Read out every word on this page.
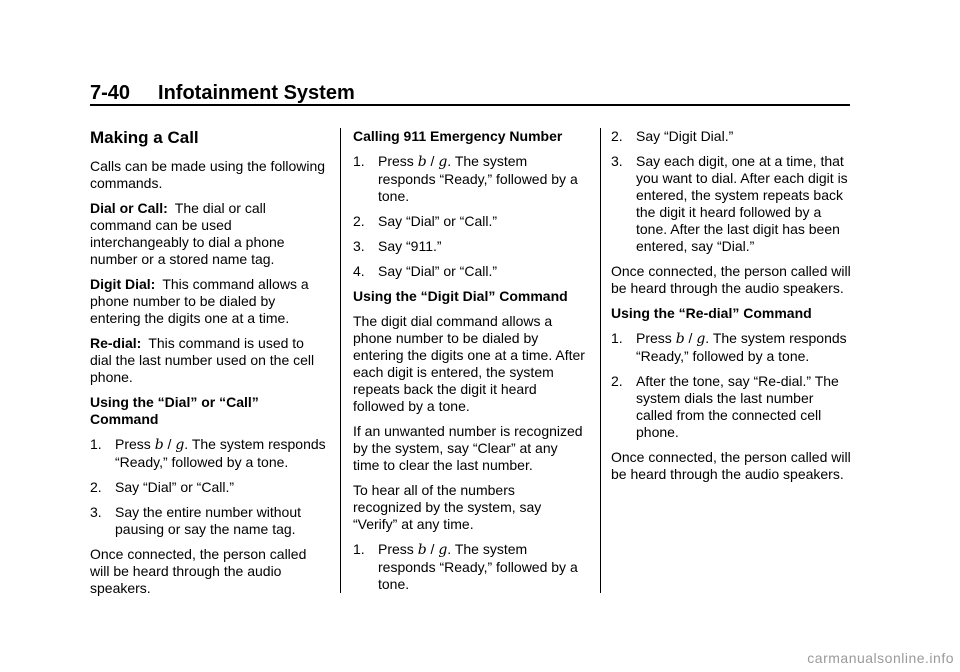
7-40 Infotainment System
Making a Call

Calls can be made using the following commands.

Dial or Call: The dial or call command can be used interchangeably to dial a phone number or a stored name tag.

Digit Dial: This command allows a phone number to be dialed by entering the digits one at a time.

Re-dial: This command is used to dial the last number used on the cell phone.

Using the “Dial” or “Call” Command
1. Press b / g. The system responds “Ready,” followed by a tone.
2. Say “Dial” or “Call.”
3. Say the entire number without pausing or say the name tag.

Once connected, the person called will be heard through the audio speakers.

Calling 911 Emergency Number
1. Press b / g. The system responds “Ready,” followed by a tone.
2. Say “Dial” or “Call.”
3. Say “911.”
4. Say “Dial” or “Call.”
Using the “Digit Dial” Command

The digit dial command allows a phone number to be dialed by entering the digits one at a time. After each digit is entered, the system repeats back the digit it heard followed by a tone.

If an unwanted number is recognized by the system, say “Clear” at any time to clear the last number.

To hear all of the numbers recognized by the system, say “Verify” at any time.

1. Press b / g. The system responds “Ready,” followed by a tone.
2. Say “Digit Dial.”
3. Say each digit, one at a time, that you want to dial. After each digit is entered, the system repeats back the digit it heard followed by a tone. After the last digit has been entered, say “Dial.”

Once connected, the person called will be heard through the audio speakers.

Using the “Re-dial” Command
1. Press b / g. The system responds “Ready,” followed by a tone.
2. After the tone, say “Re-dial.” The system dials the last number called from the connected cell phone.

Once connected, the person called will be heard through the audio speakers.

carmanualsonline.info
